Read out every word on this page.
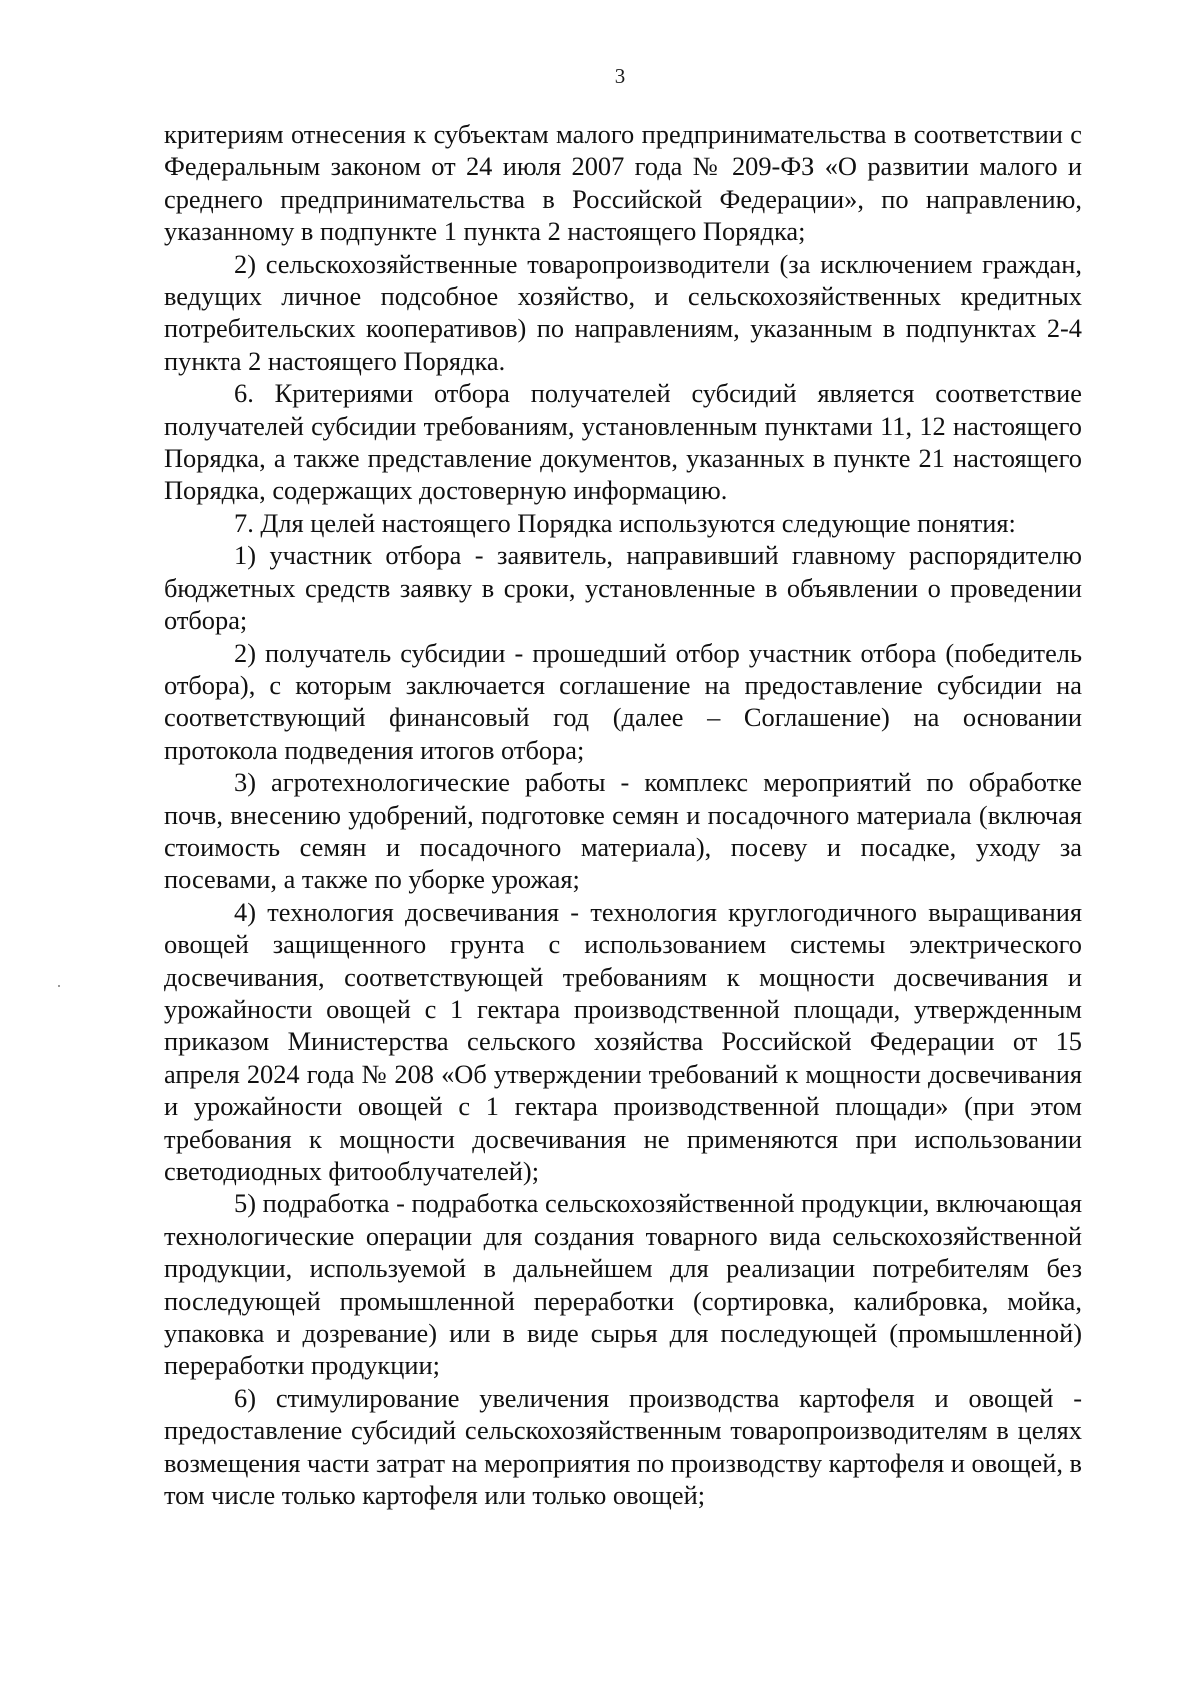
3

критериям отнесения к субъектам малого предпринимательства в соответствии с Федеральным законом от 24 июля 2007 года № 209-ФЗ «О развитии малого и среднего предпринимательства в Российской Федерации», по направлению, указанному в подпункте 1 пункта 2 настоящего Порядка;

2) сельскохозяйственные товаропроизводители (за исключением граждан, ведущих личное подсобное хозяйство, и сельскохозяйственных кредитных потребительских кооперативов) по направлениям, указанным в подпунктах 2-4 пункта 2 настоящего Порядка.

6. Критериями отбора получателей субсидий является соответствие получателей субсидии требованиям, установленным пунктами 11, 12 настоящего Порядка, а также представление документов, указанных в пункте 21 настоящего Порядка, содержащих достоверную информацию.

7. Для целей настоящего Порядка используются следующие понятия:

1) участник отбора - заявитель, направивший главному распорядителю бюджетных средств заявку в сроки, установленные в объявлении о проведении отбора;

2) получатель субсидии - прошедший отбор участник отбора (победитель отбора), с которым заключается соглашение на предоставление субсидии на соответствующий финансовый год (далее – Соглашение) на основании протокола подведения итогов отбора;

3) агротехнологические работы - комплекс мероприятий по обработке почв, внесению удобрений, подготовке семян и посадочного материала (включая стоимость семян и посадочного материала), посеву и посадке, уходу за посевами, а также по уборке урожая;

4) технология досвечивания - технология круглогодичного выращивания овощей защищенного грунта с использованием системы электрического досвечивания, соответствующей требованиям к мощности досвечивания и урожайности овощей с 1 гектара производственной площади, утвержденным приказом Министерства сельского хозяйства Российской Федерации от 15 апреля 2024 года № 208 «Об утверждении требований к мощности досвечивания и урожайности овощей с 1 гектара производственной площади» (при этом требования к мощности досвечивания не применяются при использовании светодиодных фитооблучателей);

5) подработка - подработка сельскохозяйственной продукции, включающая технологические операции для создания товарного вида сельскохозяйственной продукции, используемой в дальнейшем для реализации потребителям без последующей промышленной переработки (сортировка, калибровка, мойка, упаковка и дозревание) или в виде сырья для последующей (промышленной) переработки продукции;

6) стимулирование увеличения производства картофеля и овощей - предоставление субсидий сельскохозяйственным товаропроизводителям в целях возмещения части затрат на мероприятия по производству картофеля и овощей, в том числе только картофеля или только овощей;
